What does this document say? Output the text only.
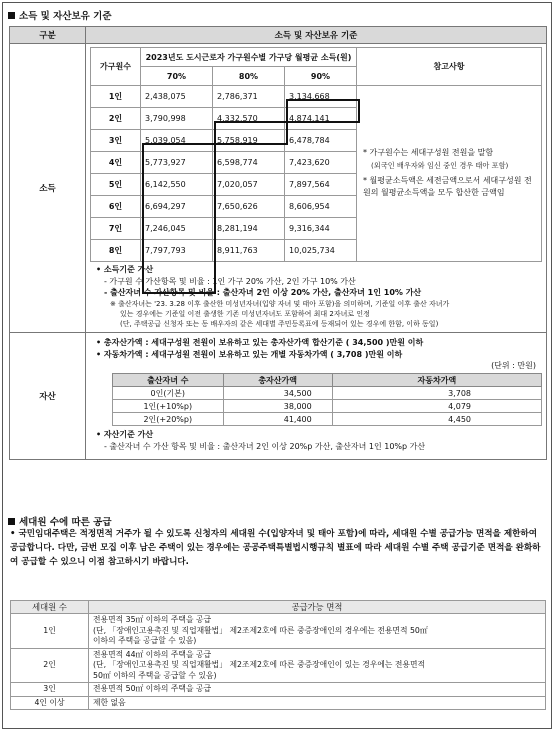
소득 및 자산보유 기준
구분	소득 및 자산보유 기준
소득	
가구원수	2023년도 도시근로자 가구원수별 가구당 월평균 소득(원)	참고사항
70%	80%	90%
1인	2,438,075	2,786,371	3,134,668	
* 가구원수는 세대구성원 전원을 말함
(외국인 배우자와 임신 중인 경우 태아 포함)
* 월평균소득액은 세전금액으로서 세대구성원 전원의 월평균소득액을 모두 합산한 금액임

2인	3,790,998	4,332,570	4,874,141
3인	5,039,054	5,758,919	6,478,784
4인	5,773,927	6,598,774	7,423,620
5인	6,142,550	7,020,057	7,897,564
6인	6,694,297	7,650,626	8,606,954
7인	7,246,045	8,281,194	9,316,344
8인	7,797,793	8,911,763	10,025,734
• 소득기준 가산
- 가구원 수 가산항목 및 비율 : 1인 가구 20% 가산, 2인 가구 10% 가산
- 출산자녀 수 가산항목 및 비율 : 출산자녀 2인 이상 20% 가산, 출산자녀 1인 10% 가산
※ 출산자녀는 '23. 3.28 이후 출산한 미성년자녀(입양 자녀 및 태아 포함)을 의미하며, 기준일 이후 출산 자녀가
있는 경우에는 기준일 이전 출생한 기존 미성년자녀도 포함하여 최대 2자녀로 인정
(단, 주택공급 신청자 또는 동 배우자의 같은 세대별 주민등록표에 등재되어 있는 경우에 한함, 이하 동일)

자산	
• 총자산가액 : 세대구성원 전원이 보유하고 있는 총자산가액 합산기준 ( 34,500 )만원 이하
• 자동차가액 : 세대구성원 전원이 보유하고 있는 개별 자동차가액 ( 3,708 )만원 이하
(단위 : 만원)
출산자녀 수	총자산가액	자동차가액
0인(기본)	34,500	3,708
1인(+10%p)	38,000	4,079
2인(+20%p)	41,400	4,450
• 자산기준 가산
- 출산자녀 수 가산 항목 및 비율 : 출산자녀 2인 이상 20%p 가산, 출산자녀 1인 10%p 가산
세대원 수에 따른 공급
• 국민임대주택은 적정면적 거주가 될 수 있도록 신청자의 세대원 수(입양자녀 및 태아 포함)에 따라, 세대원 수별 공급가능 면적을 제한하여 공급합니다. 다만, 금번 모집 이후 남은 주택이 있는 경우에는 공공주택특별법시행규칙 별표에 따라 세대원 수별 주택 공급기준 면적을 완화하여 공급할 수 있으니 이점 참고하시기 바랍니다.
세대원 수	공급가능 면적
1인	전용면적 35㎡ 이하의 주택을 공급
(단, 「장애인고용촉진 및 직업재활법」 제2조제2호에 따른 중증장애인의 경우에는 전용면적 50㎡
이하의 주택을 공급할 수 있음)

2인	전용면적 44㎡ 이하의 주택을 공급
(단, 「장애인고용촉진 및 직업재활법」 제2조제2호에 따른 중증장애인이 있는 경우에는 전용면적
50㎡ 이하의 주택을 공급할 수 있음)

3인	전용면적 50㎡ 이하의 주택을 공급

4인 이상	제한 없음
